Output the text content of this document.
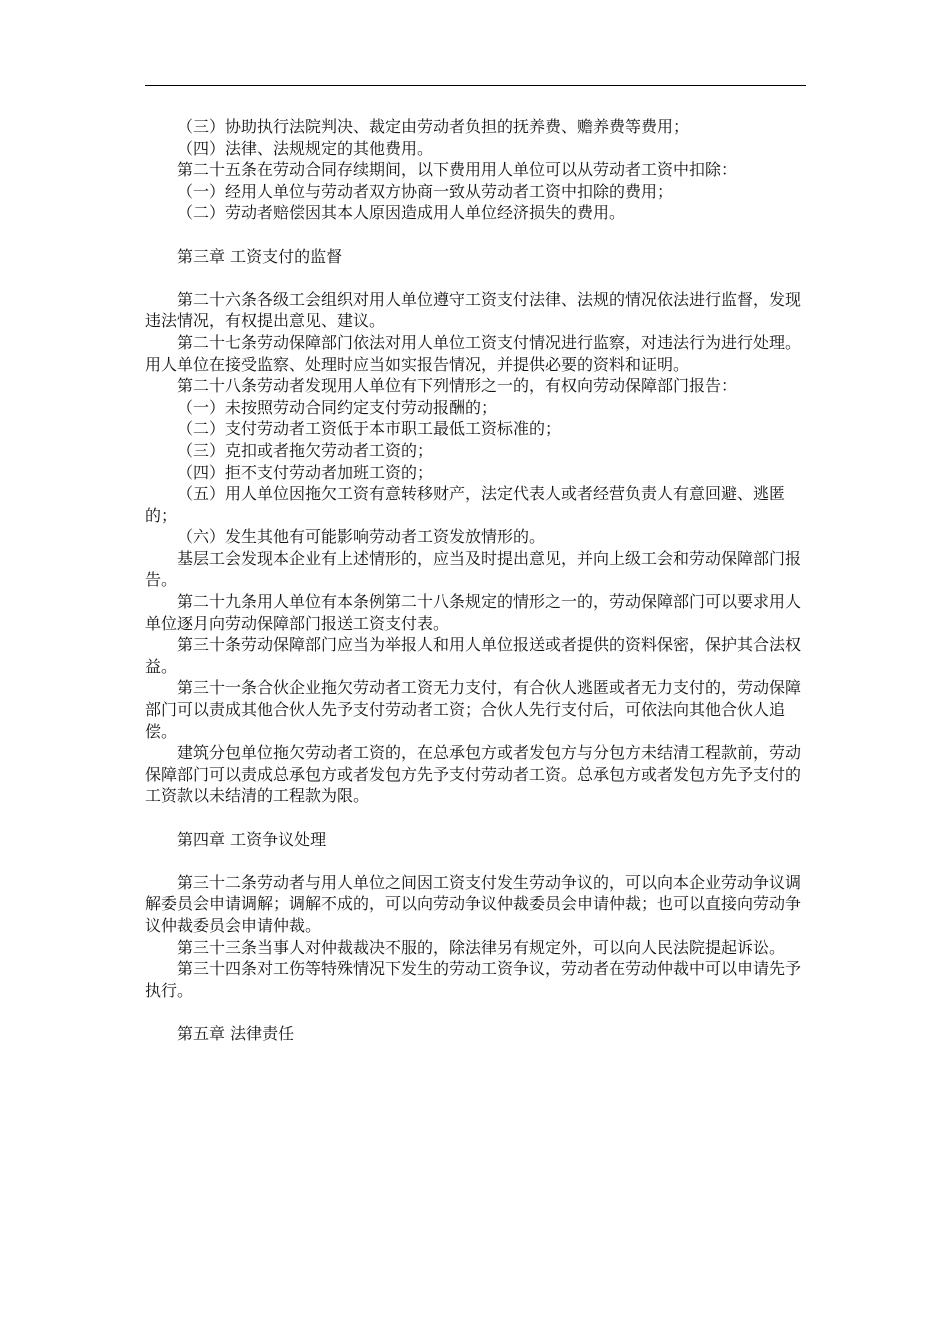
（三）协助执行法院判决、裁定由劳动者负担的抚养费、赡养费等费用；

（四）法律、法规规定的其他费用。

第二十五条在劳动合同存续期间，以下费用用人单位可以从劳动者工资中扣除：

（一）经用人单位与劳动者双方协商一致从劳动者工资中扣除的费用；

（二）劳动者赔偿因其本人原因造成用人单位经济损失的费用。

第三章 工资支付的监督

第二十六条各级工会组织对用人单位遵守工资支付法律、法规的情况依法进行监督，发现违法情况，有权提出意见、建议。

第二十七条劳动保障部门依法对用人单位工资支付情况进行监察，对违法行为进行处理。用人单位在接受监察、处理时应当如实报告情况，并提供必要的资料和证明。

第二十八条劳动者发现用人单位有下列情形之一的，有权向劳动保障部门报告：

（一）未按照劳动合同约定支付劳动报酬的；

（二）支付劳动者工资低于本市职工最低工资标准的；

（三）克扣或者拖欠劳动者工资的；

（四）拒不支付劳动者加班工资的；

（五）用人单位因拖欠工资有意转移财产，法定代表人或者经营负责人有意回避、逃匿的；

（六）发生其他有可能影响劳动者工资发放情形的。

基层工会发现本企业有上述情形的，应当及时提出意见，并向上级工会和劳动保障部门报告。

第二十九条用人单位有本条例第二十八条规定的情形之一的，劳动保障部门可以要求用人单位逐月向劳动保障部门报送工资支付表。

第三十条劳动保障部门应当为举报人和用人单位报送或者提供的资料保密，保护其合法权益。

第三十一条合伙企业拖欠劳动者工资无力支付，有合伙人逃匿或者无力支付的，劳动保障部门可以责成其他合伙人先予支付劳动者工资；合伙人先行支付后，可依法向其他合伙人追偿。

建筑分包单位拖欠劳动者工资的，在总承包方或者发包方与分包方未结清工程款前，劳动保障部门可以责成总承包方或者发包方先予支付劳动者工资。总承包方或者发包方先予支付的工资款以未结清的工程款为限。

第四章 工资争议处理

第三十二条劳动者与用人单位之间因工资支付发生劳动争议的，可以向本企业劳动争议调解委员会申请调解；调解不成的，可以向劳动争议仲裁委员会申请仲裁；也可以直接向劳动争议仲裁委员会申请仲裁。

第三十三条当事人对仲裁裁决不服的，除法律另有规定外，可以向人民法院提起诉讼。

第三十四条对工伤等特殊情况下发生的劳动工资争议，劳动者在劳动仲裁中可以申请先予执行。

第五章 法律责任
